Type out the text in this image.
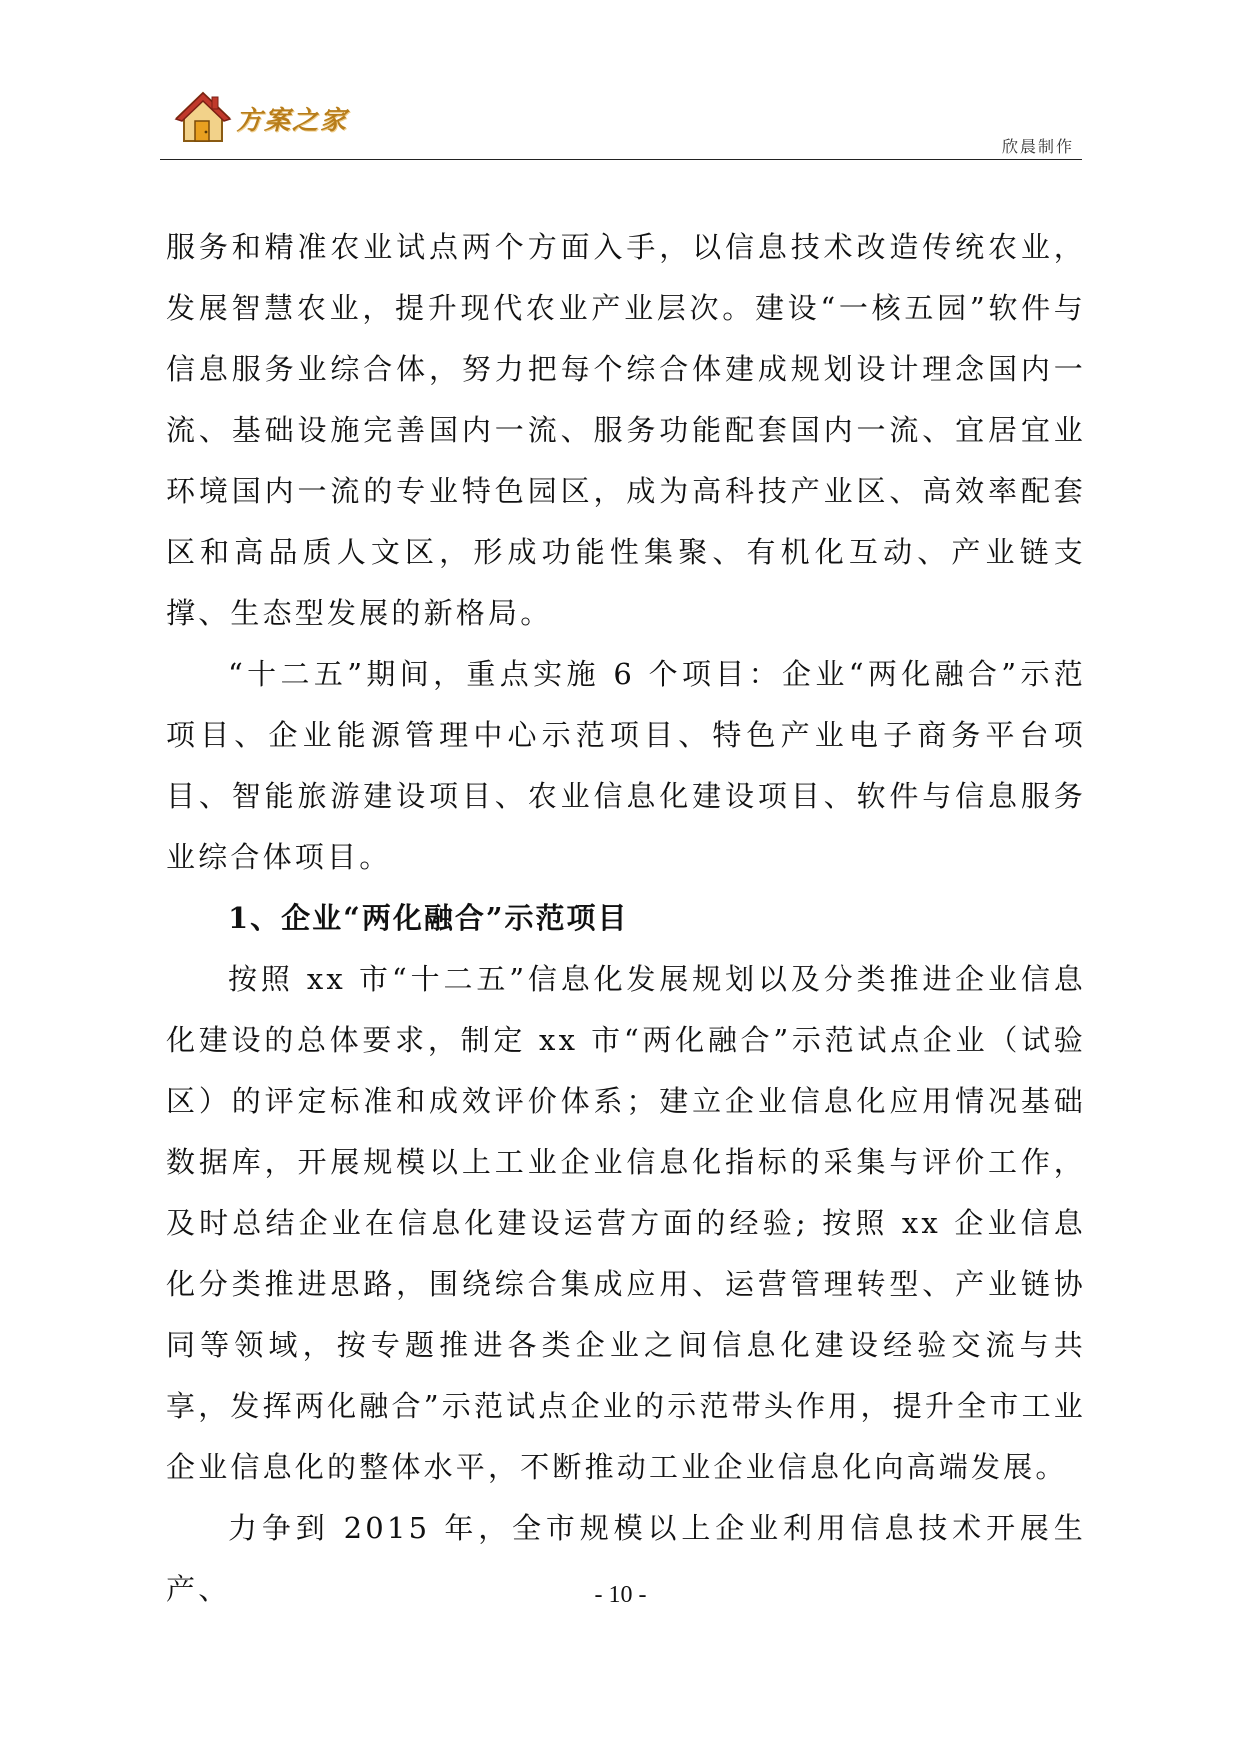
方案之家
欣晨制作

服务和精准农业试点两个方面入手，以信息技术改造传统农业，发展智慧农业，提升现代农业产业层次。建设“一核五园”软件与信息服务业综合体，努力把每个综合体建成规划设计理念国内一流、基础设施完善国内一流、服务功能配套国内一流、宜居宜业环境国内一流的专业特色园区，成为高科技产业区、高效率配套区和高品质人文区，形成功能性集聚、有机化互动、产业链支撑、生态型发展的新格局。

“十二五”期间，重点实施 6 个项目：企业“两化融合”示范项目、企业能源管理中心示范项目、特色产业电子商务平台项目、智能旅游建设项目、农业信息化建设项目、软件与信息服务业综合体项目。

1、企业“两化融合”示范项目

按照 xx 市“十二五”信息化发展规划以及分类推进企业信息化建设的总体要求，制定 xx 市“两化融合”示范试点企业（试验区）的评定标准和成效评价体系；建立企业信息化应用情况基础数据库，开展规模以上工业企业信息化指标的采集与评价工作，及时总结企业在信息化建设运营方面的经验; 按照 xx 企业信息化分类推进思路，围绕综合集成应用、运营管理转型、产业链协同等领域，按专题推进各类企业之间信息化建设经验交流与共享，发挥两化融合”示范试点企业的示范带头作用，提升全市工业企业信息化的整体水平，不断推动工业企业信息化向高端发展。

力争到 2015 年，全市规模以上企业利用信息技术开展生产、	- 10 -
